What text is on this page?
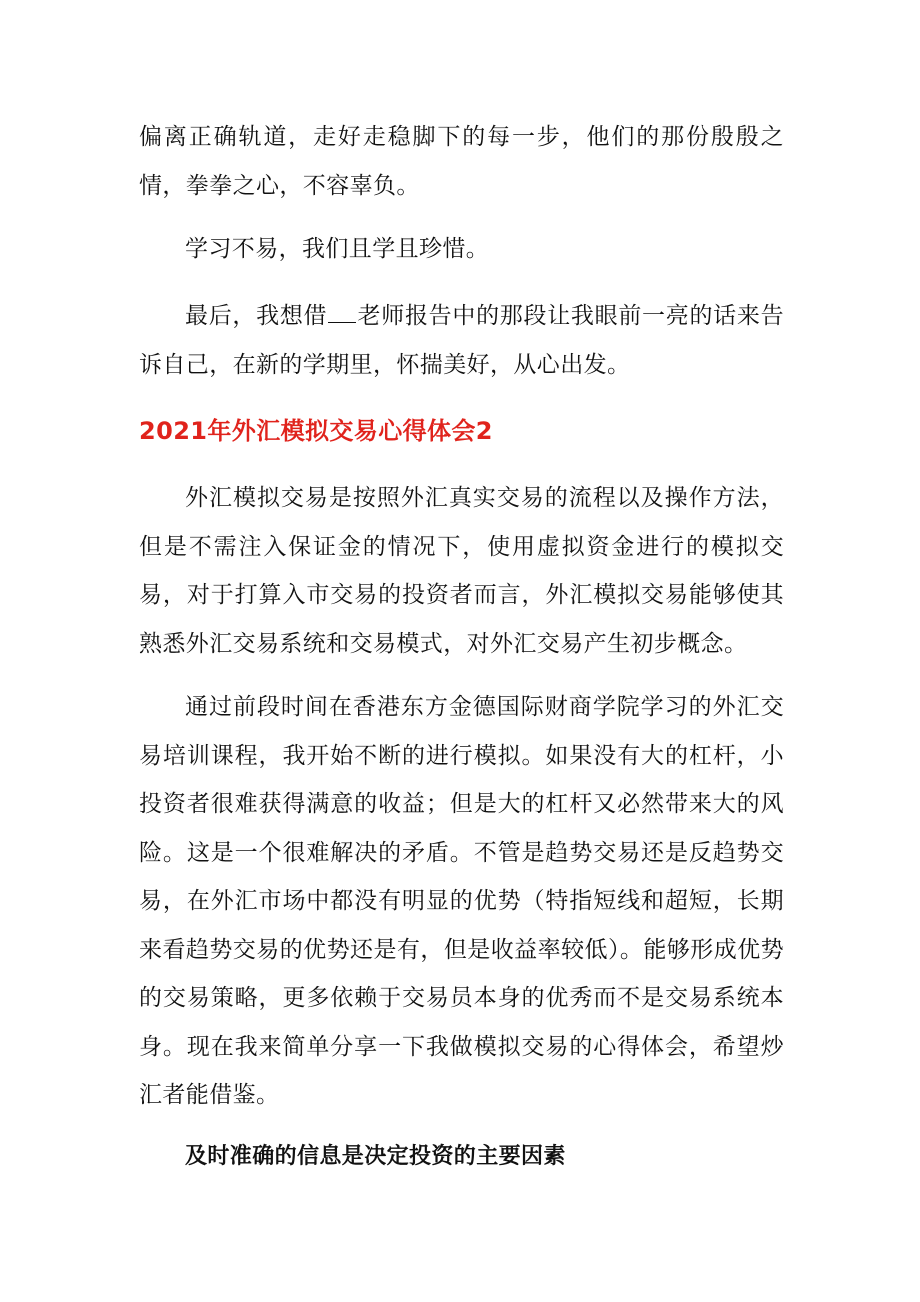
偏离正确轨道，走好走稳脚下的每一步，他们的那份殷殷之情，拳拳之心，不容辜负。

学习不易，我们且学且珍惜。

最后，我想借 老师报告中的那段让我眼前一亮的话来告诉自己，在新的学期里，怀揣美好，从心出发。

2021年外汇模拟交易心得体会2

外汇模拟交易是按照外汇真实交易的流程以及操作方法，但是不需注入保证金的情况下，使用虚拟资金进行的模拟交易，对于打算入市交易的投资者而言，外汇模拟交易能够使其熟悉外汇交易系统和交易模式，对外汇交易产生初步概念。

通过前段时间在香港东方金德国际财商学院学习的外汇交易培训课程，我开始不断的进行模拟。如果没有大的杠杆，小投资者很难获得满意的收益；但是大的杠杆又必然带来大的风险。这是一个很难解决的矛盾。不管是趋势交易还是反趋势交易，在外汇市场中都没有明显的优势（特指短线和超短，长期来看趋势交易的优势还是有，但是收益率较低）。能够形成优势的交易策略，更多依赖于交易员本身的优秀而不是交易系统本身。现在我来简单分享一下我做模拟交易的心得体会，希望炒汇者能借鉴。

及时准确的信息是决定投资的主要因素
